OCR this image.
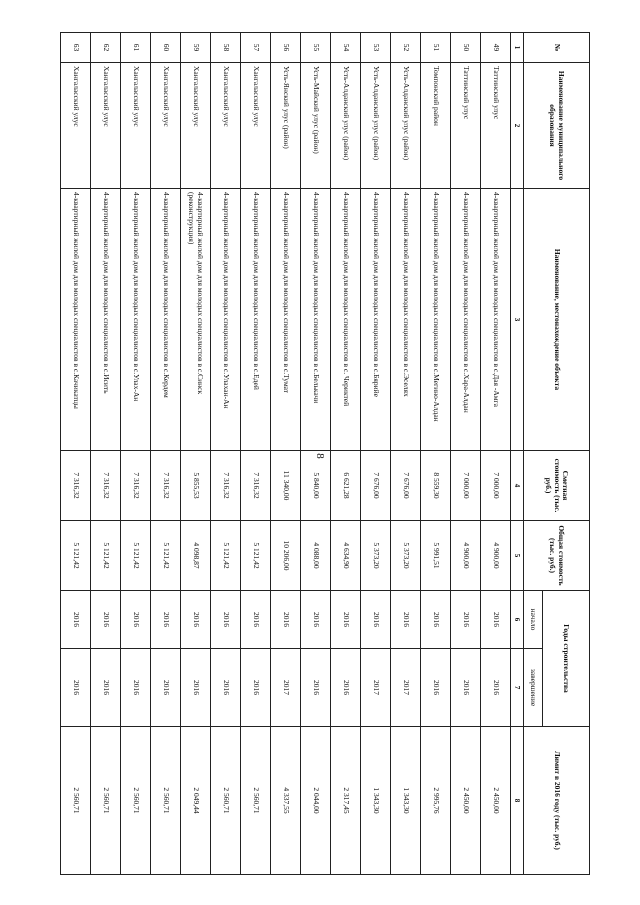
8
№	Наименование муниципального образования	Наименование, местонахождение объекта	Сметная стоимость (тыс. руб.)	Общая стоимость (тыс. руб.)	Годы строительства		Лимит в 2016 году (тыс. руб.)
					начало	завершение	
1	2	3	4	5	6	7	8
49	Таттинский улус	4-квартирный жилой дом для молодых специалистов в с.Дая -Амга	7 000,00	4 900,00	2016	2016	2 450,00
50	Таттинский улус	4-квартирный жилой дом для молодых специалистов в с.Хара-Алдан	7 000,00	4 900,00	2016	2016	2 450,00
51	Томпонский район	4-квартирный жилой дом для молодых специалистов в с.Мегино-Алдан	8 559,30	5 991,51	2016	2016	2 995,76
52	Усть-Алданский улус (район)	4-квартирный жилой дом для молодых специалистов в с.Эселях	7 676,00	5 373,20	2016	2017	1 343,30
53	Усть-Алданский улус (район)	4-квартирный жилой дом для молодых специалистов в с.Бярийе	7 676,00	5 373,20	2016	2017	1 343,30
54	Усть-Алданский улус (район)	4-квартирный жилой дом для молодых специалистов в с. Чериктей	6 621,28	4 634,90	2016	2016	2 317,45
55	Усть-Майский улус (район)	4-квартирный жилой дом для молодых специалистов в с.Белькачи	5 840,00	4 088,00	2016	2016	2 044,00
56	Усть-Янский улус (район)	4-квартирный жилой дом для молодых специалистов в с.Тумат	11 340,00	10 206,00	2016	2017	4 337,55
57	Хангаласский улус	4-квартирный жилой дом для молодых специалистов в с.Едей	7 316,32	5 121,42	2016	2016	2 560,71
58	Хангаласский улус	4-квартирный жилой дом для молодых специалистов в с.Улахан-Ан	7 316,32	5 121,42	2016	2016	2 560,71
59	Хангаласский улус	4-квартирный жилой дом для молодых специалистов в с.Синск (реконструкция)	5 855,53	4 098,87	2016	2016	2 049,44
60	Хангаласский улус	4-квартирный жилой дом для молодых специалистов в с.Кердем	7 316,32	5 121,42	2016	2016	2 560,71
61	Хангаласский улус	4-квартирный жилой дом для молодых специалистов в с.Улах-Ан	7 316,32	5 121,42	2016	2016	2 560,71
62	Хангаласский улус	4-квартирный жилой дом для молодых специалистов в с.Исить	7 316,32	5 121,42	2016	2016	2 560,71
63	Хангаласский улус	4-квартирный жилой дом для молодых специалистов в с.Качикатцы	7 316,32	5 121,42	2016	2016	2 560,71
